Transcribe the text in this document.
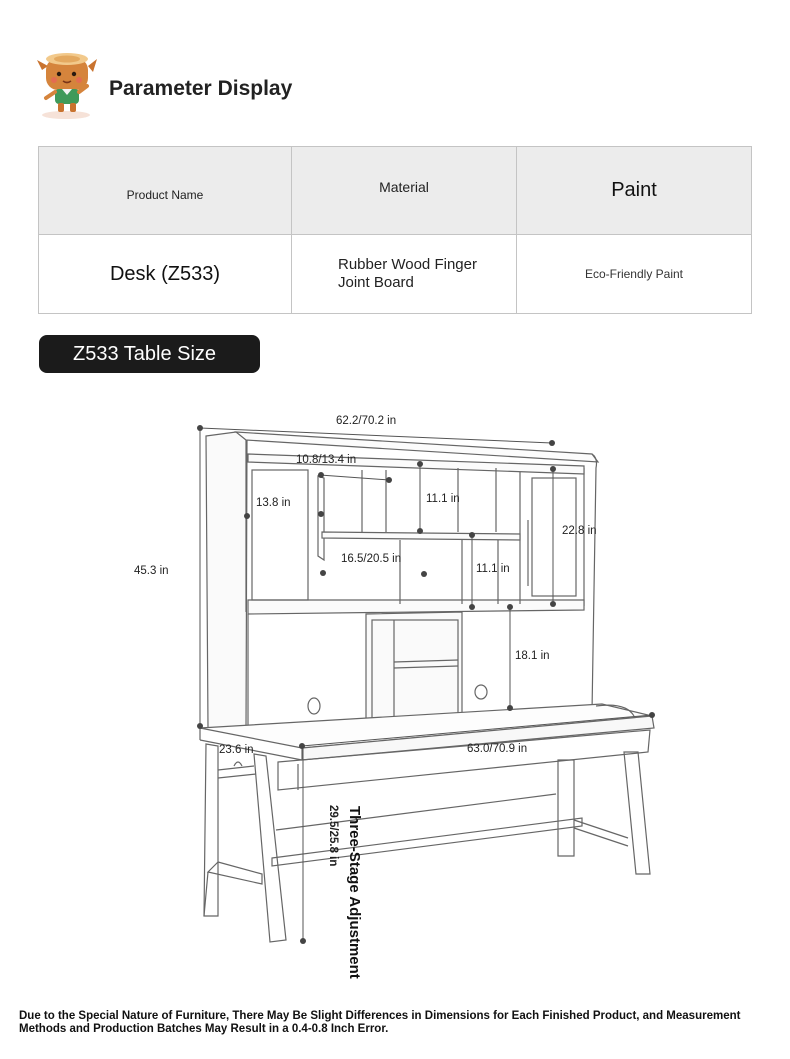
Parameter Display
Product Name	Material	Paint
Desk (Z533)	Rubber Wood Finger Joint Board	Eco-Friendly Paint
Z533 Table Size
62.2/70.2 in
10.8/13.4 in
11.1 in
13.8 in
22.8 in
16.5/20.5 in
11.1 in
45.3 in
18.1 in
23.6 in	63.0/70.9 in
29.5/25.8 in Three-Stage Adjustment
Due to the Special Nature of Furniture, There May Be Slight Differences in Dimensions for Each Finished Product, and Measurement Methods and Production Batches May Result in a 0.4-0.8 Inch Error.
